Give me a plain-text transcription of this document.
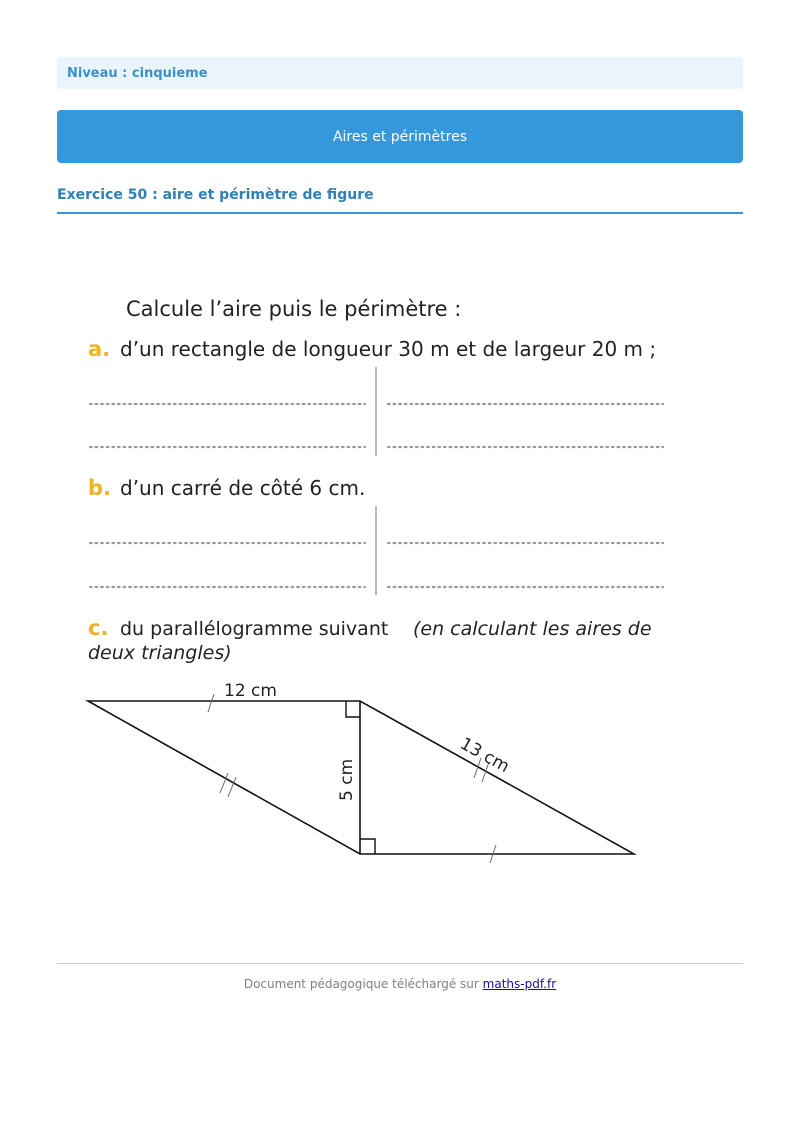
Niveau : cinquieme
Aires et périmètres
Exercice 50 : aire et périmètre de figure
Calcule l’aire puis le périmètre :
a. d’un rectangle de longueur 30 m et de largeur 20 m ;
b. d’un carré de côté 6 cm.
c. du parallélogramme suivant (en calculant les aires de
deux triangles)
12 cm
5 cm
13 cm
Document pédagogique téléchargé sur maths-pdf.fr
